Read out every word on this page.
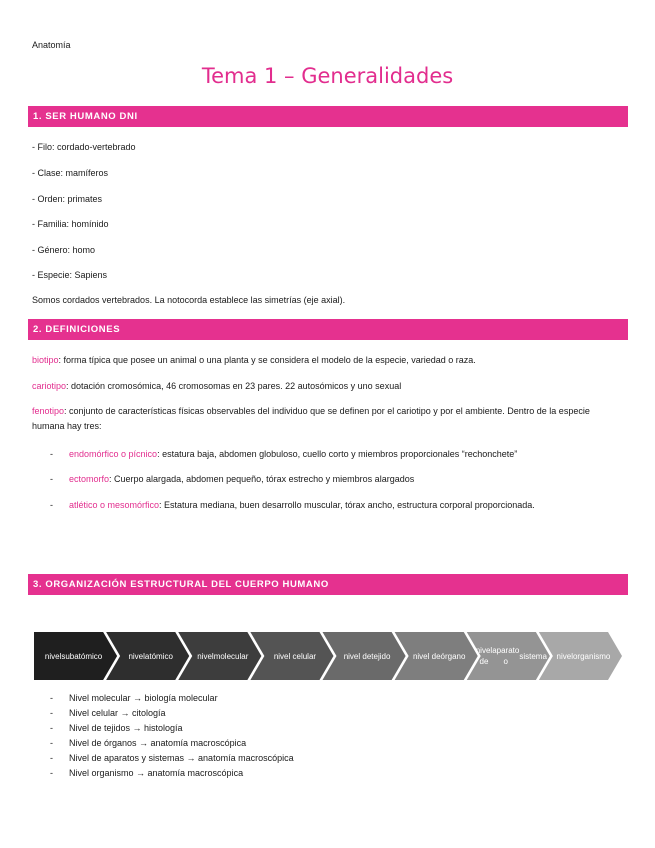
Anatomía
Tema 1 – Generalidades
1. SER HUMANO DNI
- Filo: cordado-vertebrado
- Clase: mamíferos
- Orden: primates
- Familia: homínido
- Género: homo
- Especie: Sapiens
Somos cordados vertebrados. La notocorda establece las simetrías (eje axial).
2. DEFINICIONES
biotipo: forma típica que posee un animal o una planta y se considera el modelo de la especie, variedad o raza.
cariotipo: dotación cromosómica, 46 cromosomas en 23 pares. 22 autosómicos y uno sexual
fenotipo: conjunto de características físicas observables del individuo que se definen por el cariotipo y por el ambiente. Dentro de la especie humana hay tres:
- endomórfico o pícnico: estatura baja, abdomen globuloso, cuello corto y miembros proporcionales “rechonchete”
- ectomorfo: Cuerpo alargada, abdomen pequeño, tórax estrecho y miembros alargados
- atlético o mesomórfico: Estatura mediana, buen desarrollo muscular, tórax ancho, estructura corporal proporcionada.
3. ORGANIZACIÓN ESTRUCTURAL DEL CUERPO HUMANO
nivel subatómico	nivel atómico	nivel molecular	nivel celular	nivel de tejido	nivel de órgano
nivel de
aparato o
sistema nivel organismo
- Nivel molecular → biología molecular
- Nivel celular → citología
- Nivel de tejidos → histología
- Nivel de órganos → anatomía macroscópica
- Nivel de aparatos y sistemas → anatomía macroscópica
- Nivel organismo → anatomía macroscópica
